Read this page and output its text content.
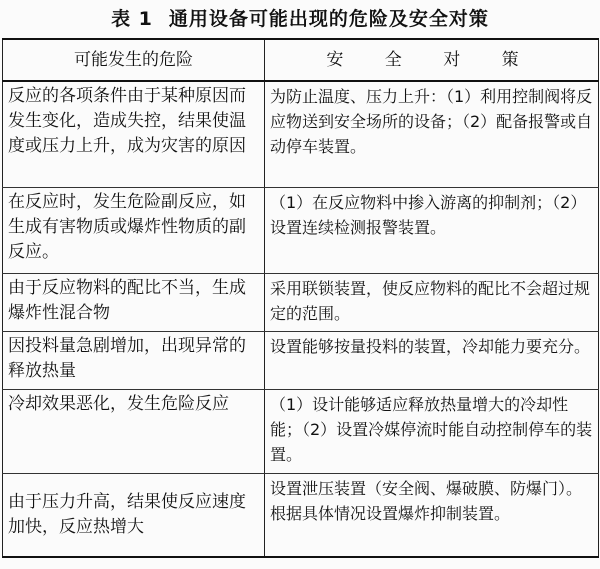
表 1 通用设备可能出现的危险及安全对策
可能发生的危险	安 全 对 策
反应的各项条件由于某种原因而发生变化，造成失控，结果使温度或压力上升，成为灾害的原因	为防止温度、压力上升：（1）利用控制阀将反应物送到安全场所的设备；（2）配备报警或自动停车装置。
在反应时，发生危险副反应，如生成有害物质或爆炸性物质的副反应。	（1）在反应物料中掺入游离的抑制剂；（2）设置连续检测报警装置。
由于反应物料的配比不当，生成爆炸性混合物	采用联锁装置，使反应物料的配比不会超过规定的范围。
因投料量急剧增加，出现异常的释放热量	设置能够按量投料的装置，冷却能力要充分。
冷却效果恶化，发生危险反应	（1）设计能够适应释放热量增大的冷却性能；（2）设置冷媒停流时能自动控制停车的装置。
由于压力升高，结果使反应速度加快，反应热增大	设置泄压装置（安全阀、爆破膜、防爆门）。根据具体情况设置爆炸抑制装置。
